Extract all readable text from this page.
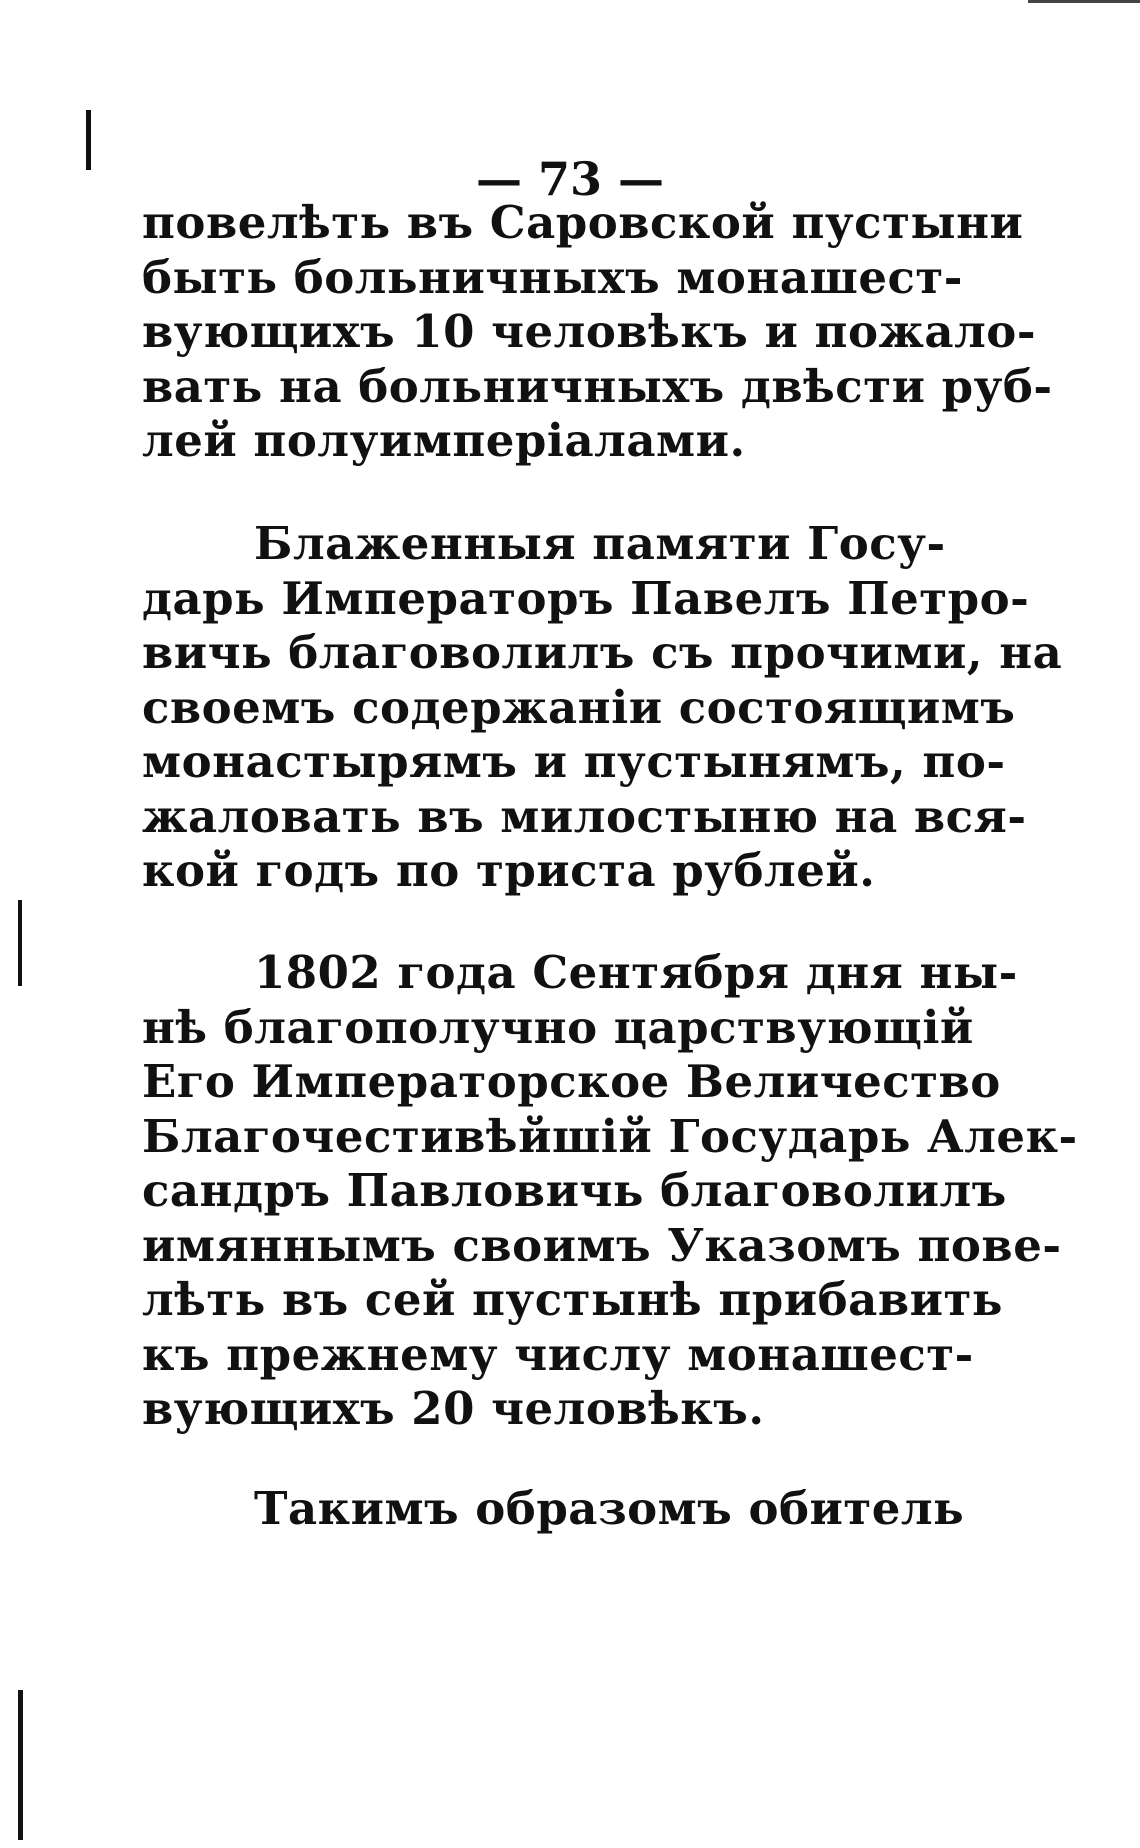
— 73 —
повелѣть въ Саровской пустыни
быть больничныхъ монашест-
вующихъ 10 человѣкъ и пожало-
вать на больничныхъ двѣсти руб-
лей полуимперіалами.
Блаженныя памяти Госу-
дарь Императоръ Павелъ Петро-
вичь благоволилъ съ прочими, на
своемъ содержаніи состоящимъ
монастырямъ и пустынямъ, по-
жаловать въ милостыню на вся-
кой годъ по триста рублей.
1802 года Сентября дня ны-
нѣ благополучно царствующій
Его Императорское Величество
Благочестивѣйшій Государь Алек-
сандръ Павловичь благоволилъ
имяннымъ своимъ Указомъ пове-
лѣть въ сей пустынѣ прибавить
къ прежнему числу монашест-
вующихъ 20 человѣкъ.
Такимъ образомъ обитель
